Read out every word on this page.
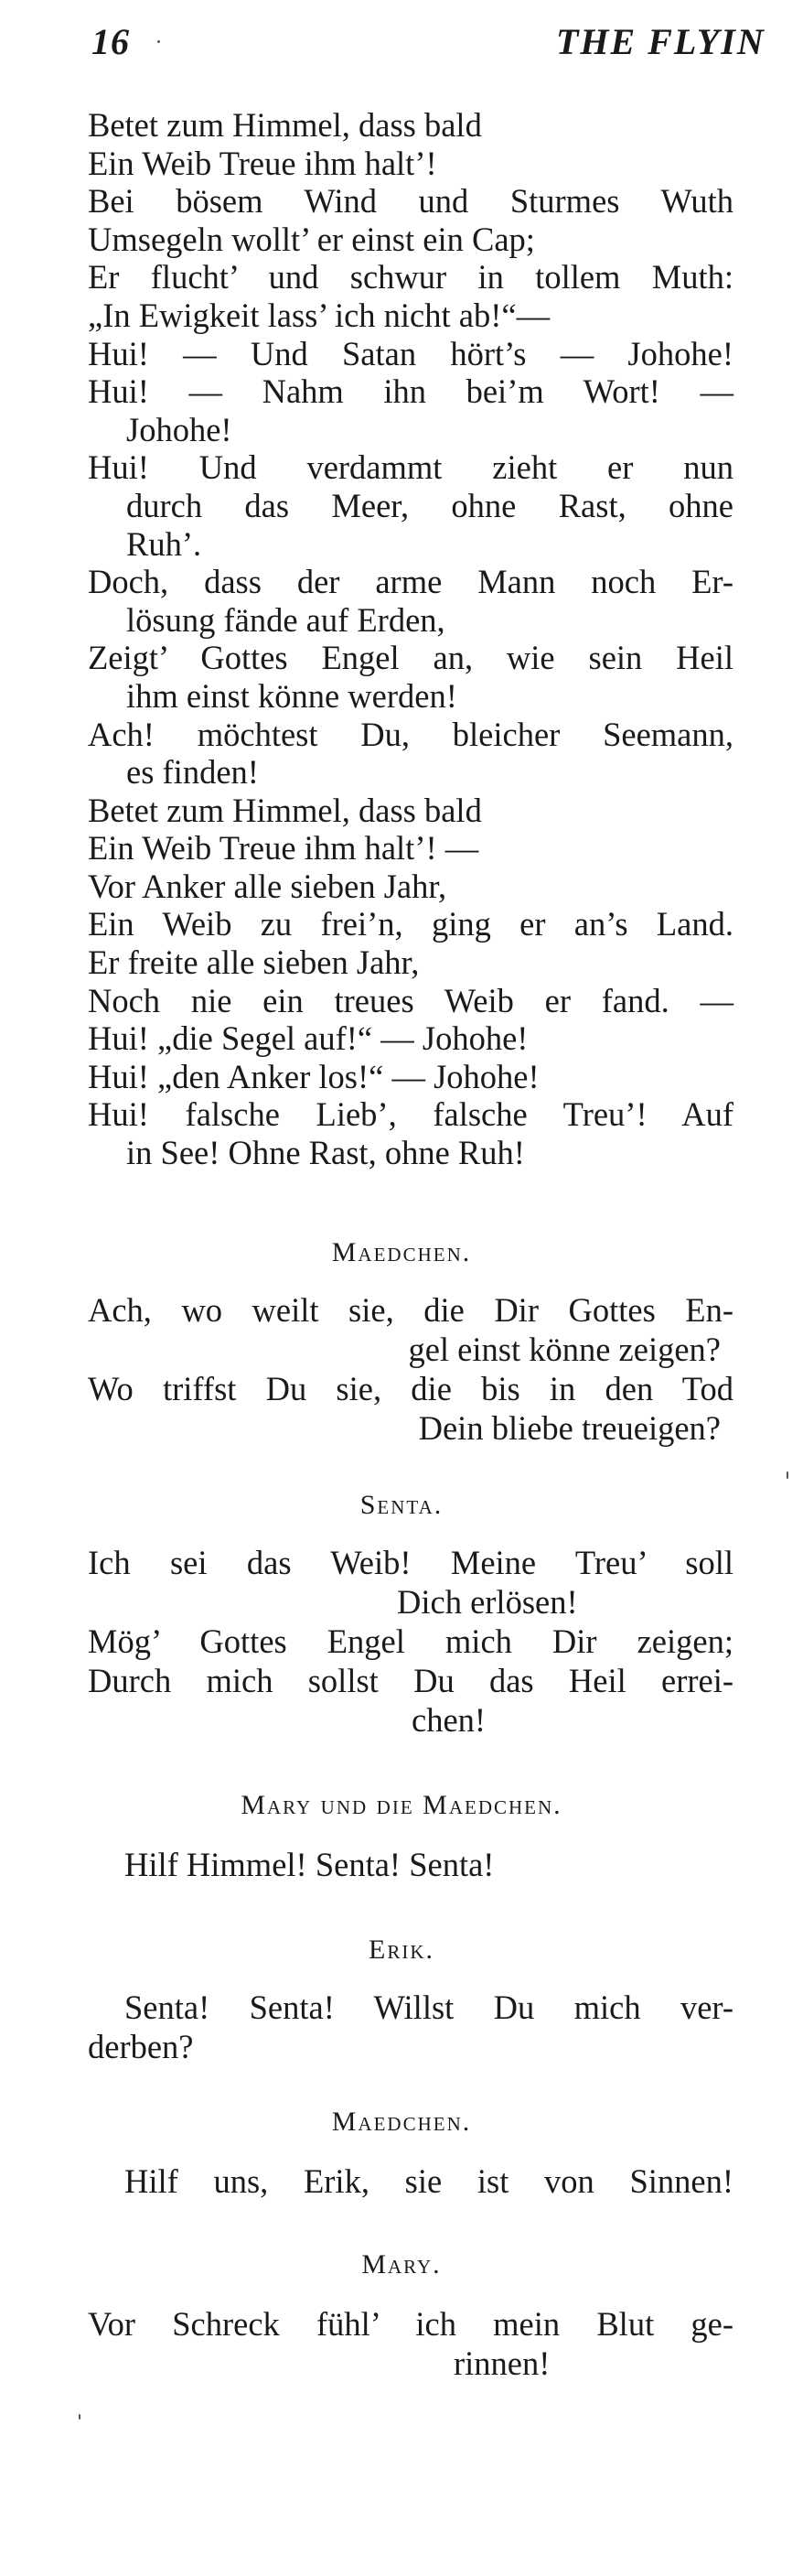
16	THE FLYIN
Betet zum Himmel, dass bald
Ein Weib Treue ihm halt’!
Bei bösem Wind und Sturmes Wuth
Umsegeln wollt’ er einst ein Cap;
Er flucht’ und schwur in tollem Muth:
„In Ewigkeit lass’ ich nicht ab!“—
Hui! — Und Satan hört’s — Johohe!
Hui! — Nahm ihn bei’m Wort! —
Johohe!
Hui! Und verdammt zieht er nun
durch das Meer, ohne Rast, ohne
Ruh’.
Doch, dass der arme Mann noch Er-
lösung fände auf Erden,
Zeigt’ Gottes Engel an, wie sein Heil
ihm einst könne werden!
Ach! möchtest Du, bleicher Seemann,
es finden!
Betet zum Himmel, dass bald
Ein Weib Treue ihm halt’! —
Vor Anker alle sieben Jahr,
Ein Weib zu frei’n, ging er an’s Land.
Er freite alle sieben Jahr,
Noch nie ein treues Weib er fand. —
Hui! „die Segel auf!“ — Johohe!
Hui! „den Anker los!“ — Johohe!
Hui! falsche Lieb’, falsche Treu’! Auf
in See! Ohne Rast, ohne Ruh!
Maedchen.
Ach, wo weilt sie, die Dir Gottes En-
gel einst könne zeigen?
Wo triffst Du sie, die bis in den Tod
Dein bliebe treueigen?
Senta.
Ich sei das Weib! Meine Treu’ soll
Dich erlösen!
Mög’ Gottes Engel mich Dir zeigen;
Durch mich sollst Du das Heil errei-
chen!
Mary und die Maedchen.
Hilf Himmel! Senta! Senta!
Erik.
Senta! Senta! Willst Du mich ver-
derben?
Maedchen.
Hilf uns, Erik, sie ist von Sinnen!
Mary.
Vor Schreck fühl’ ich mein Blut ge-
rinnen!
